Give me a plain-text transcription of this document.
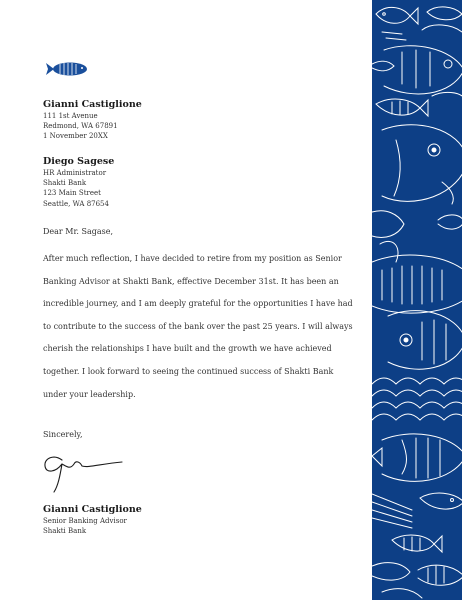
Gianni Castiglione
111 1st Avenue
Redmond, WA 67891
1 November 20XX
Diego Sagese
HR Administrator
Shakti Bank
123 Main Street
Seattle, WA 87654
Dear Mr. Sagase,
After much reflection, I have decided to retire from my position as Senior
Banking Advisor at Shakti Bank, effective December 31st. It has been an
incredible journey, and I am deeply grateful for the opportunities I have had
to contribute to the success of the bank over the past 25 years. I will always
cherish the relationships I have built and the growth we have achieved
together. I look forward to seeing the continued success of Shakti Bank
under your leadership.
Sincerely,
Gianni Castiglione
Senior Banking Advisor
Shakti Bank
